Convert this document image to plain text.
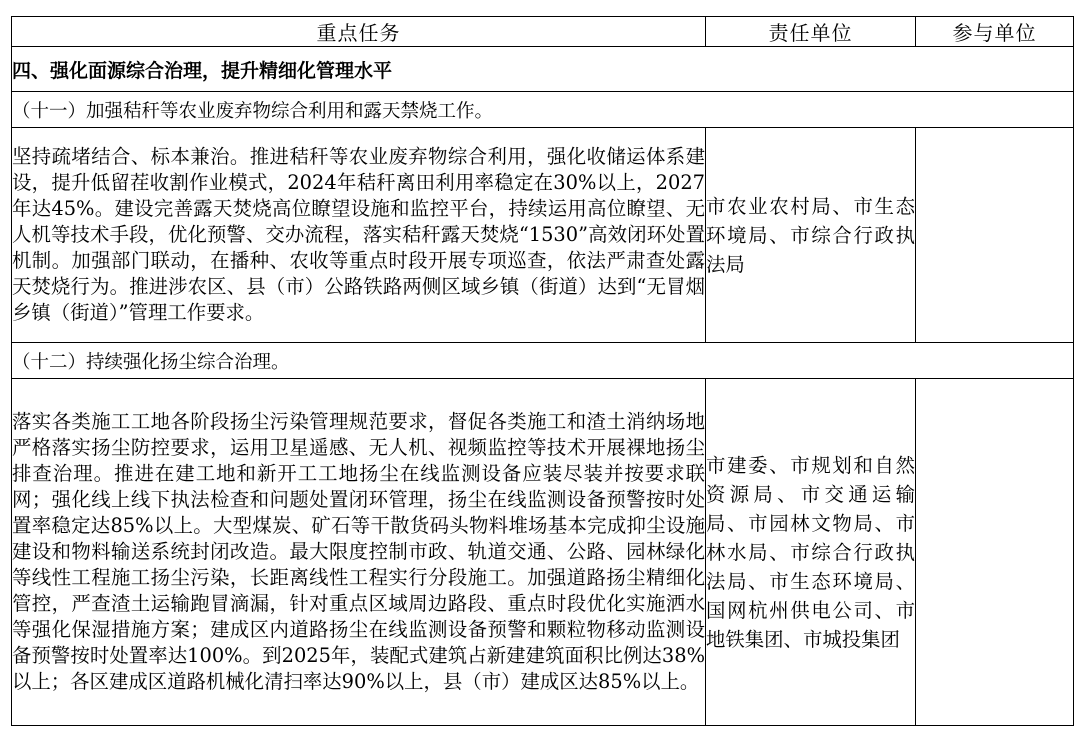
重点任务	责任单位	参与单位
四、强化面源综合治理，提升精细化管理水平		
（十一）加强秸秆等农业废弃物综合利用和露天禁烧工作。		
坚持疏堵结合、标本兼治。推进秸秆等农业废弃物综合利用，强化收储运体系建设，提升低留茬收割作业模式，2024年秸秆离田利用率稳定在30%以上，2027年达45%。建设完善露天焚烧高位瞭望设施和监控平台，持续运用高位瞭望、无人机等技术手段，优化预警、交办流程，落实秸秆露天焚烧“1530”高效闭环处置机制。加强部门联动，在播种、农收等重点时段开展专项巡查，依法严肃查处露天焚烧行为。推进涉农区、县（市）公路铁路两侧区域乡镇（街道）达到“无冒烟乡镇（街道）”管理工作要求。	市农业农村局、市生态环境局、市综合行政执法局	
（十二）持续强化扬尘综合治理。		
落实各类施工工地各阶段扬尘污染管理规范要求，督促各类施工和渣土消纳场地严格落实扬尘防控要求，运用卫星遥感、无人机、视频监控等技术开展裸地扬尘排查治理。推进在建工地和新开工工地扬尘在线监测设备应装尽装并按要求联网；强化线上线下执法检查和问题处置闭环管理，扬尘在线监测设备预警按时处置率稳定达85%以上。大型煤炭、矿石等干散货码头物料堆场基本完成抑尘设施建设和物料输送系统封闭改造。最大限度控制市政、轨道交通、公路、园林绿化等线性工程施工扬尘污染，长距离线性工程实行分段施工。加强道路扬尘精细化管控，严查渣土运输跑冒滴漏，针对重点区域周边路段、重点时段优化实施洒水等强化保湿措施方案；建成区内道路扬尘在线监测设备预警和颗粒物移动监测设备预警按时处置率达100%。到2025年，装配式建筑占新建建筑面积比例达38%以上；各区建成区道路机械化清扫率达90%以上，县（市）建成区达85%以上。	市建委、市规划和自然资源局、市交通运输局、市园林文物局、市林水局、市综合行政执法局、市生态环境局、国网杭州供电公司、市地铁集团、市城投集团	
